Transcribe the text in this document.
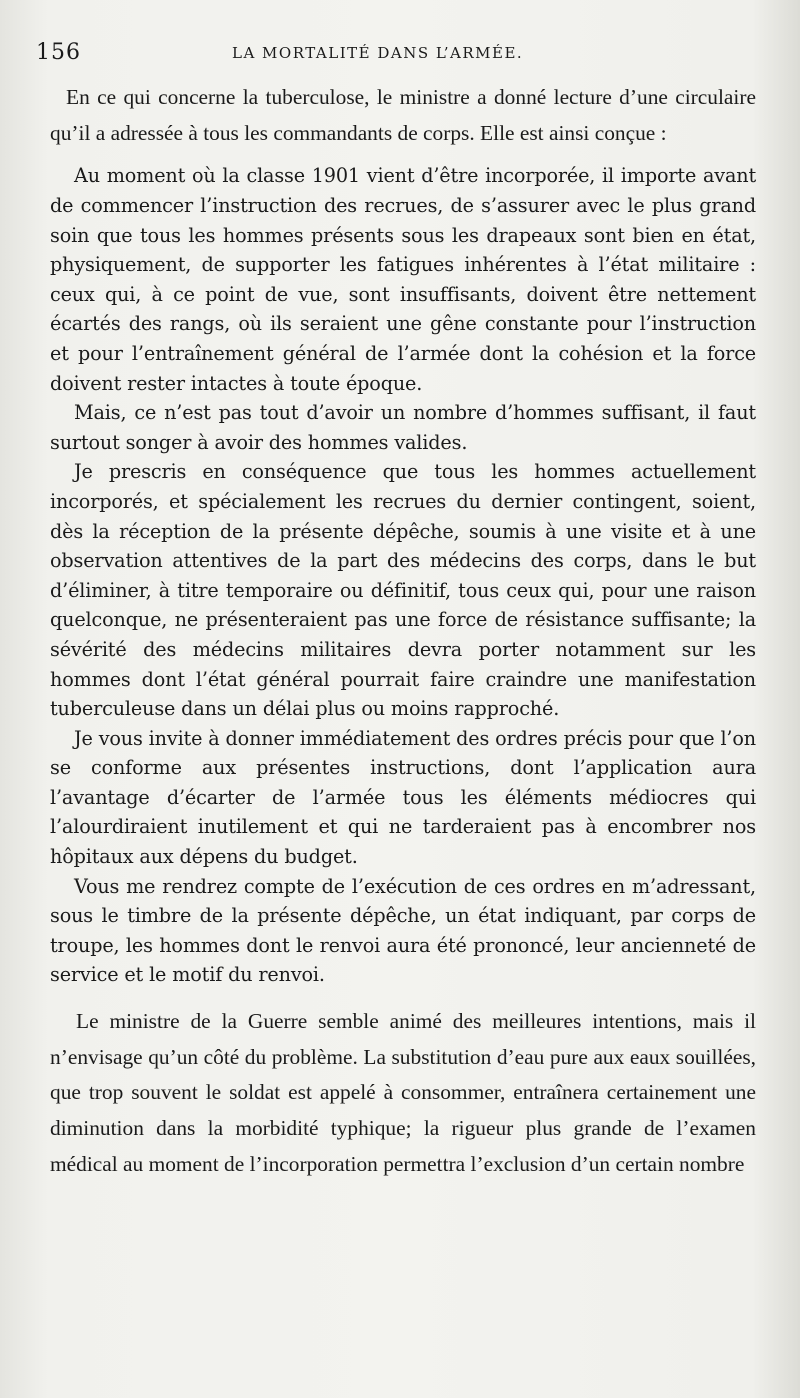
156	LA MORTALITÉ DANS L’ARMÉE.

En ce qui concerne la tuberculose, le ministre a donné lecture d’une circulaire qu’il a adressée à tous les commandants de corps. Elle est ainsi conçue :

Au moment où la classe 1901 vient d’être incorporée, il importe avant de commencer l’instruction des recrues, de s’assurer avec le plus grand soin que tous les hommes présents sous les drapeaux sont bien en état, physiquement, de supporter les fatigues inhérentes à l’état militaire : ceux qui, à ce point de vue, sont insuffisants, doivent être nettement écartés des rangs, où ils seraient une gêne constante pour l’instruction et pour l’entraînement général de l’armée dont la cohésion et la force doivent rester intactes à toute époque.

Mais, ce n’est pas tout d’avoir un nombre d’hommes suffisant, il faut surtout songer à avoir des hommes valides.

Je prescris en conséquence que tous les hommes actuellement incorporés, et spécialement les recrues du dernier contingent, soient, dès la réception de la présente dépêche, soumis à une visite et à une observation attentives de la part des médecins des corps, dans le but d’éliminer, à titre temporaire ou définitif, tous ceux qui, pour une raison quelconque, ne présenteraient pas une force de résistance suffisante; la sévérité des médecins militaires devra porter notamment sur les hommes dont l’état général pourrait faire craindre une manifestation tuberculeuse dans un délai plus ou moins rapproché.

Je vous invite à donner immédiatement des ordres précis pour que l’on se conforme aux présentes instructions, dont l’application aura l’avantage d’écarter de l’armée tous les éléments médiocres qui l’alourdiraient inutilement et qui ne tarderaient pas à encombrer nos hôpitaux aux dépens du budget.

Vous me rendrez compte de l’exécution de ces ordres en m’adressant, sous le timbre de la présente dépêche, un état indiquant, par corps de troupe, les hommes dont le renvoi aura été prononcé, leur ancienneté de service et le motif du renvoi.

Le ministre de la Guerre semble animé des meilleures intentions, mais il n’envisage qu’un côté du problème. La substitution d’eau pure aux eaux souillées, que trop souvent le soldat est appelé à consommer, entraînera certainement une diminution dans la morbidité typhique; la rigueur plus grande de l’examen médical au moment de l’incorporation permettra l’exclusion d’un certain nombre
